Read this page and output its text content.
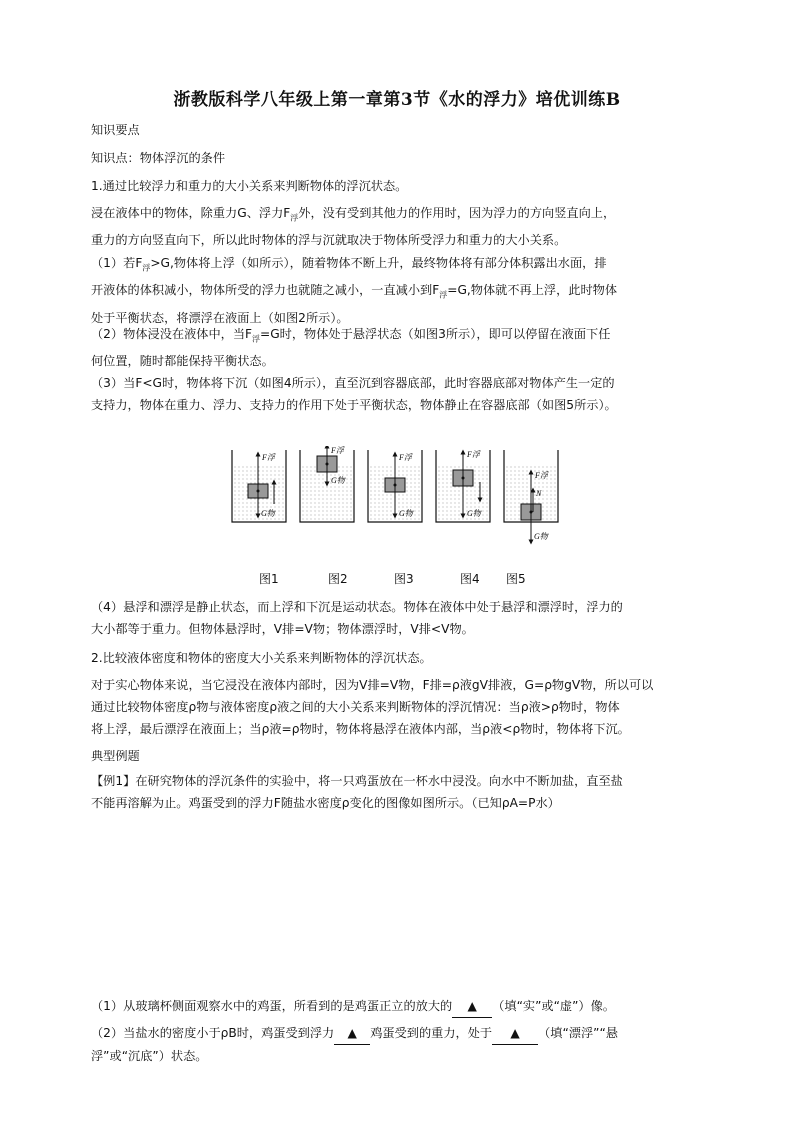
浙教版科学八年级上第一章第3节《水的浮力》培优训练B
知识要点
知识点：物体浮沉的条件
1.通过比较浮力和重力的大小关系来判断物体的浮沉状态。
浸在液体中的物体，除重力G、浮力$F_浮$外，没有受到其他力的作用时，因为浮力的方向竖直向上，
重力的方向竖直向下，所以此时物体的浮与沉就取决于物体所受浮力和重力的大小关系。
（1）若$F_浮>G$,物体将上浮（如所示），随着物体不断上升，最终物体将有部分体积露出水面，排
开液体的体积减小，物体所受的浮力也就随之减小，一直减小到$F_浮=G$,物体就不再上浮，此时物体
处于平衡状态，将漂浮在液面上（如图2所示）。
（2）物体浸没在液体中，当$F_浮=G$时，物体处于悬浮状态（如图3所示），即可以停留在液面下任
何位置，随时都能保持平衡状态。
（3）当F<G时，物体将下沉（如图4所示），直至沉到容器底部，此时容器底部对物体产生一定的
支持力，物体在重力、浮力、支持力的作用下处于平衡状态，物体静止在容器底部（如图5所示）。
F浮
G物
F浮
G物
F浮
G物
F浮
G物
F浮
N
G物
图1	图2	图3	图4 图5
（4）悬浮和漂浮是静止状态，而上浮和下沉是运动状态。物体在液体中处于悬浮和漂浮时，浮力的
大小都等于重力。但物体悬浮时，V排=V物；物体漂浮时，V排<V物。
2.比较液体密度和物体的密度大小关系来判断物体的浮沉状态。
对于实心物体来说，当它浸没在液体内部时，因为V排=V物，F排=ρ液gV排液，G=ρ物gV物，所以可以
通过比较物体密度ρ物与液体密度ρ液之间的大小关系来判断物体的浮沉情况：当ρ液>ρ物时，物体
将上浮，最后漂浮在液面上；当ρ液=ρ物时，物体将悬浮在液体内部，当ρ液<ρ物时，物体将下沉。
典型例题
【例1】在研究物体的浮沉条件的实验中，将一只鸡蛋放在一杯水中浸没。向水中不断加盐，直至盐
不能再溶解为止。鸡蛋受到的浮力F随盐水密度ρ变化的图像如图所示。（已知ρA=P水）
（1）从玻璃杯侧面观察水中的鸡蛋，所看到的是鸡蛋正立的放大的 ▲ （填“实”或“虚”）像。
（2）当盐水的密度小于ρB时，鸡蛋受到浮力 ▲ 鸡蛋受到的重力，处于 ▲ （填“漂浮”“悬
浮”或“沉底”）状态。
